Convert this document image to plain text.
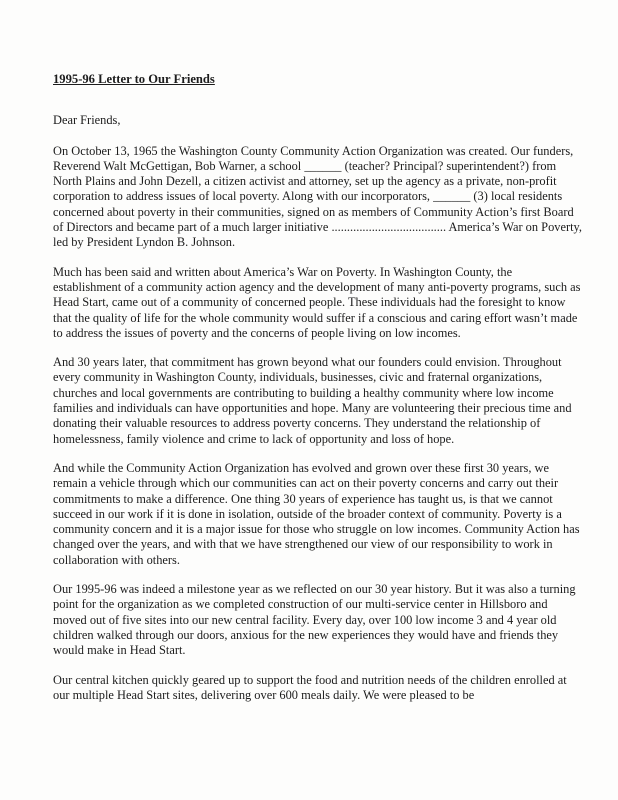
1995-96 Letter to Our Friends
Dear Friends,

On October 13, 1965 the Washington County Community Action Organization was created. Our funders, Reverend Walt McGettigan, Bob Warner, a school ______ (teacher? Principal? superintendent?) from North Plains and John Dezell, a citizen activist and attorney, set up the agency as a private, non-profit corporation to address issues of local poverty. Along with our incorporators, ______ (3) local residents concerned about poverty in their communities, signed on as members of Community Action’s first Board of Directors and became part of a much larger initiative ..................................... America’s War on Poverty, led by President Lyndon B. Johnson.

Much has been said and written about America’s War on Poverty. In Washington County, the establishment of a community action agency and the development of many anti-poverty programs, such as Head Start, came out of a community of concerned people. These individuals had the foresight to know that the quality of life for the whole community would suffer if a conscious and caring effort wasn’t made to address the issues of poverty and the concerns of people living on low incomes.

And 30 years later, that commitment has grown beyond what our founders could envision. Throughout every community in Washington County, individuals, businesses, civic and fraternal organizations, churches and local governments are contributing to building a healthy community where low income families and individuals can have opportunities and hope. Many are volunteering their precious time and donating their valuable resources to address poverty concerns. They understand the relationship of homelessness, family violence and crime to lack of opportunity and loss of hope.

And while the Community Action Organization has evolved and grown over these first 30 years, we remain a vehicle through which our communities can act on their poverty concerns and carry out their commitments to make a difference. One thing 30 years of experience has taught us, is that we cannot succeed in our work if it is done in isolation, outside of the broader context of community. Poverty is a community concern and it is a major issue for those who struggle on low incomes. Community Action has changed over the years, and with that we have strengthened our view of our responsibility to work in collaboration with others.

Our 1995-96 was indeed a milestone year as we reflected on our 30 year history. But it was also a turning point for the organization as we completed construction of our multi-service center in Hillsboro and moved out of five sites into our new central facility. Every day, over 100 low income 3 and 4 year old children walked through our doors, anxious for the new experiences they would have and friends they would make in Head Start.

Our central kitchen quickly geared up to support the food and nutrition needs of the children enrolled at our multiple Head Start sites, delivering over 600 meals daily. We were pleased to be
